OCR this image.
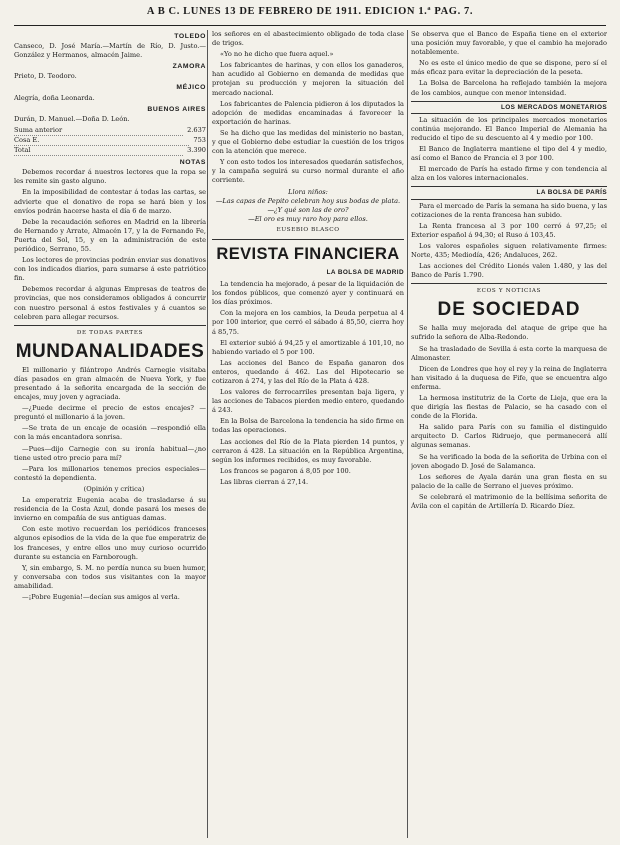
A B C. LUNES 13 DE FEBRERO DE 1911. EDICION 1.ª PAG. 7.
TOLEDO

Canseco, D. José María.—Martín de Río, D. Justo.—González y Hermanos, almacén Jaime.

ZAMORA

Prieto, D. Teodoro.

MÉJICO

Alegría, doña Leonarda.

BUENOS AIRES

Durán, D. Manuel.—Doña D. León.

Suma anterior	2.637
Cosa E.	753
Total	3.390
NOTAS

Debemos recordar á nuestros lectores que la ropa se les remite sin gasto alguno.

En la imposibilidad de contestar á todas las cartas, se advierte que el donativo de ropa se hará bien y los envíos podrán hacerse hasta el día 6 de marzo.

Debe la recaudación señores en Madrid en la librería de Hernando y Arrate, Almacén 17, y la de Fernando Fe, Puerta del Sol, 15, y en la administración de este periódico, Serrano, 55.

Los lectores de provincias podrán enviar sus donativos con los indicados diarios, para sumarse á este patriótico fin.

Debemos recordar á algunas Empresas de teatros de provincias, que nos consideramos obligados á concurrir con nuestro personal á estos festivales y á cuantos se celebren para allegar recursos.

DE TODAS PARTES
MUNDANALIDADES

El millonario y filántropo Andrés Carnegie visitaba días pasados en gran almacén de Nueva York, y fue presentado á la señorita encargada de la sección de encajes, muy joven y agraciada.

—¿Puede decirme el precio de estos encajes? —preguntó el millonario á la joven.

—Se trata de un encaje de ocasión —respondió ella con la más encantadora sonrisa.

—Pues—dijo Carnegie con su ironía habitual—¿no tiene usted otro precio para mí?

—Para los millonarios tenemos precios especiales—contestó la dependienta.

(Opinión y crítica)

La emperatriz Eugenia acaba de trasladarse á su residencia de la Costa Azul, donde pasará los meses de invierno en compañía de sus antiguas damas.

Con este motivo recuerdan los periódicos franceses algunos episodios de la vida de la que fue emperatriz de los franceses, y entre ellos uno muy curioso ocurrido durante su estancia en Farnborough.

Y, sin embargo, S. M. no perdía nunca su buen humor, y conversaba con todos sus visitantes con la mayor amabilidad.

—¡Pobre Eugenia!—decían sus amigos al verla.

los señores en el abastecimiento obligado de toda clase de trigos.

«Yo no he dicho que fuera aquel.»

Los fabricantes de harinas, y con ellos los ganaderos, han acudido al Gobierno en demanda de medidas que protejan su producción y mejoren la situación del mercado nacional.

Los fabricantes de Palencia pidieron á los diputados la adopción de medidas encaminadas á favorecer la exportación de harinas.

Se ha dicho que las medidas del ministerio no bastan, y que el Gobierno debe estudiar la cuestión de los trigos con la atención que merece.

Y con esto todos los interesados quedarán satisfechos, y la campaña seguirá su curso normal durante el año corriente.

Llora niños:
—Las capas de Pepito celebran hoy sus bodas de plata.
—¿Y qué son las de oro?
—El oro es muy raro hoy para ellos.
EUSEBIO BLASCO
REVISTA FINANCIERA
LA BOLSA DE MADRID

La tendencia ha mejorado, á pesar de la liquidación de los fondos públicos, que comenzó ayer y continuará en los días próximos.

Con la mejora en los cambios, la Deuda perpetua al 4 por 100 interior, que cerró el sábado á 85,50, cierra hoy á 85,75.

El exterior subió á 94,25 y el amortizable á 101,10, no habiendo variado el 5 por 100.

Las acciones del Banco de España ganaron dos enteros, quedando á 462. Las del Hipotecario se cotizaron á 274, y las del Río de la Plata á 428.

Los valores de ferrocarriles presentan baja ligera, y las acciones de Tabacos pierden medio entero, quedando á 243.

En la Bolsa de Barcelona la tendencia ha sido firme en todas las operaciones.

Las acciones del Río de la Plata pierden 14 puntos, y cerraron á 428. La situación en la República Argentina, según los informes recibidos, es muy favorable.

Los francos se pagaron á 8,05 por 100.

Las libras cierran á 27,14.

Se observa que el Banco de España tiene en el exterior una posición muy favorable, y que el cambio ha mejorado notablemente.

No es este el único medio de que se dispone, pero sí el más eficaz para evitar la depreciación de la peseta.

La Bolsa de Barcelona ha reflejado también la mejora de los cambios, aunque con menor intensidad.

LOS MERCADOS MONETARIOS

La situación de los principales mercados monetarios continúa mejorando. El Banco Imperial de Alemania ha reducido el tipo de su descuento al 4 y medio por 100.

El Banco de Inglaterra mantiene el tipo del 4 y medio, así como el Banco de Francia el 3 por 100.

El mercado de París ha estado firme y con tendencia al alza en los valores internacionales.

LA BOLSA DE PARÍS

Para el mercado de París la semana ha sido buena, y las cotizaciones de la renta francesa han subido.

La Renta francesa al 3 por 100 cerró á 97,25; el Exterior español á 94,30; el Ruso á 103,45.

Los valores españoles siguen relativamente firmes: Norte, 435; Mediodía, 426; Andaluces, 262.

Las acciones del Crédito Lionés valen 1.480, y las del Banco de París 1.790.

ECOS Y NOTICIAS
DE SOCIEDAD

Se halla muy mejorada del ataque de gripe que ha sufrido la señora de Alba-Redondo.

Se ha trasladado de Sevilla á esta corte la marquesa de Almonaster.

Dicen de Londres que hoy el rey y la reina de Inglaterra han visitado á la duquesa de Fife, que se encuentra algo enferma.

La hermosa institutriz de la Corte de Lieja, que era la que dirigía las fiestas de Palacio, se ha casado con el conde de la Florida.

Ha salido para París con su familia el distinguido arquitecto D. Carlos Ridruejo, que permanecerá allí algunas semanas.

Se ha verificado la boda de la señorita de Urbina con el joven abogado D. José de Salamanca.

Los señores de Ayala darán una gran fiesta en su palacio de la calle de Serrano el jueves próximo.

Se celebrará el matrimonio de la bellísima señorita de Ávila con el capitán de Artillería D. Ricardo Díez.
